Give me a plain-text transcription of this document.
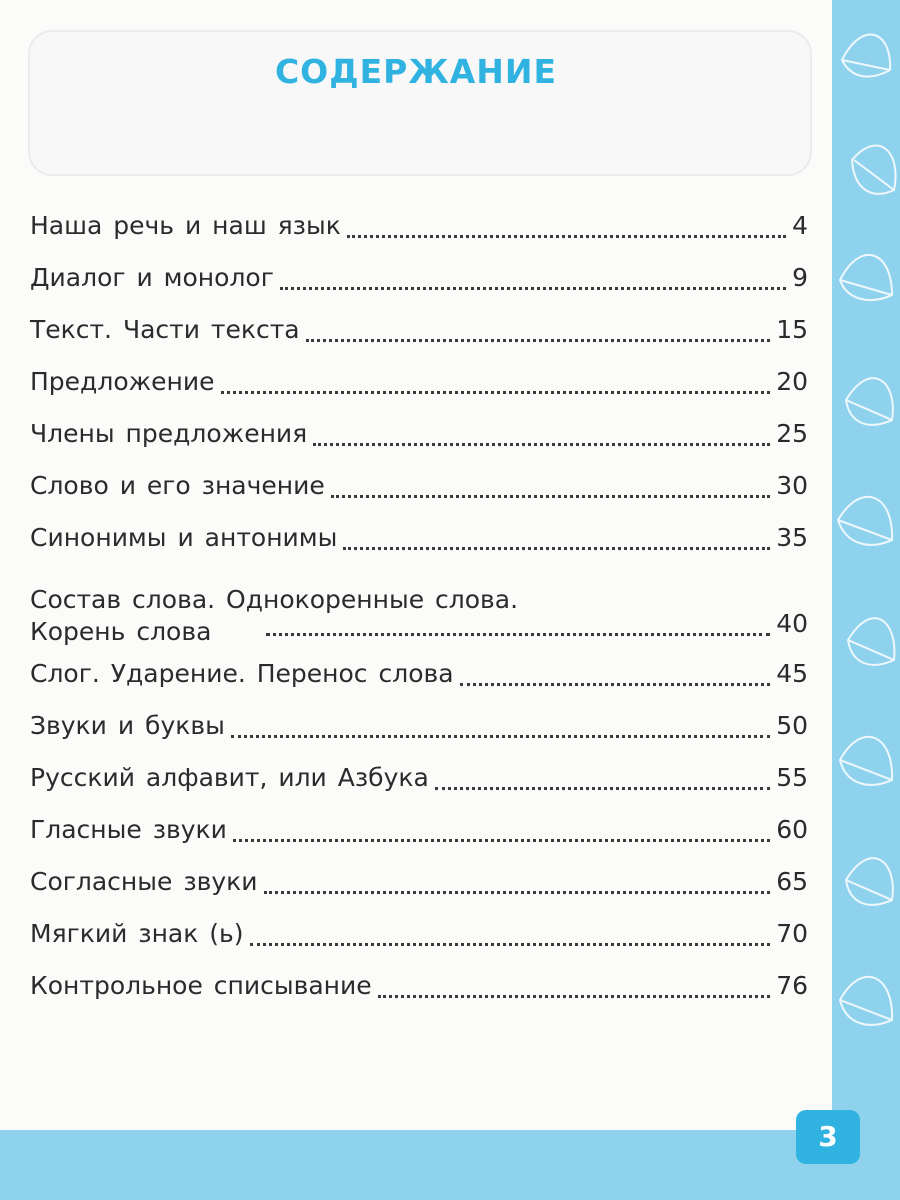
СОДЕРЖАНИЕ
Наша речь и наш язык	4
Диалог и монолог	9
Текст. Части текста	15
Предложение	20
Члены предложения	25
Слово и его значение	30
Синонимы и антонимы	35
Состав слова. Однокоренные слова.
Корень слова	40
Слог. Ударение. Перенос слова	45
Звуки и буквы	50
Русский алфавит, или Азбука	55
Гласные звуки	60
Согласные звуки	65
Мягкий знак (ь)	70
Контрольное списывание	76
3
